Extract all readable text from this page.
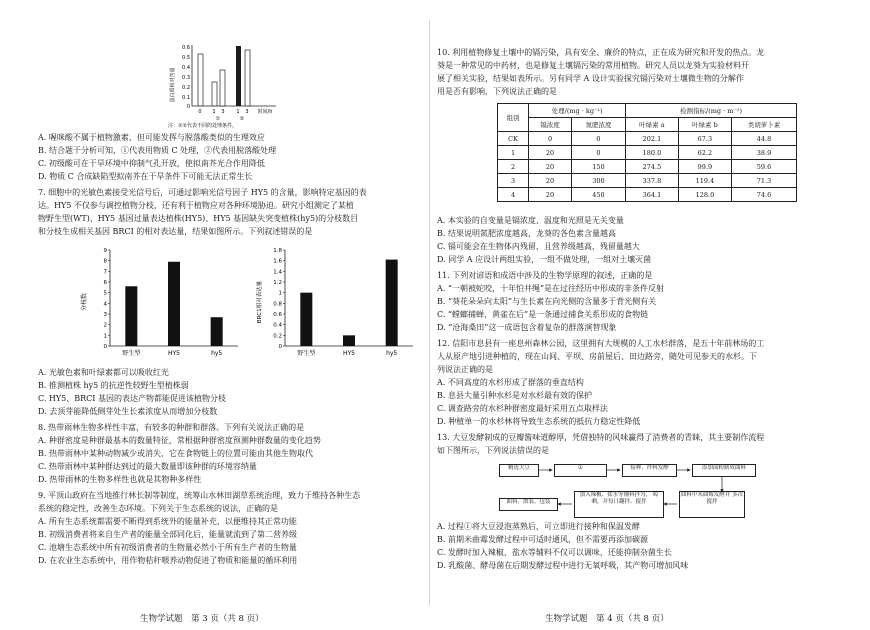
蛋白质相对含量
0.6
0.5
0.4
0.3
0.2
0.1
0
0 1 3 1 3 时间/h
①	②
注：①②代表不同的处理条件。
A. 喔咪酸不属于植物激素，但可能发挥与脱落酸类似的生理效应
B. 结合题干分析可知，①代表用物质 C 处理，②代表用脱落酸处理
C. 初级酸可在干旱环境中抑制气孔开放，使拟南芥光合作用降低
D. 物质 C 合成缺陷型拟南芥在干旱条件下可能无法正常生长
7. 细胞中的光敏色素接受光信号后，可通过影响光信号因子 HY5 的含量，影响特定基因的表
达。HY5 不仅参与调控植物分枝，还有利于植物应对各种环境胁迫。研究小组测定了某植
物野生型(WT)、HY5 基因过量表达植株(HY5)、HY5 基因缺失突变植株(hy5)的分枝数目
和分枝生成相关基因 BRCI 的相对表达量，结果如图所示。下列叙述错误的是
分枝数
9
8
7
6
5
4
3
2
1
0
野生型	HY5	hy5
BRC1相对表达量
1.8
1.6
1.4
1.2
1
0.8
0.6
0.4
0.2
0
野生型	HY5	hy5
A. 光敏色素和叶绿素都可以吸收红光
B. 推测植株 hy5 的抗逆性较野生型植株弱
C. HY5、BRCI 基因的表达产物都能促进该植物分枝
D. 去顶芽能降低侧芽处生长素浓度从而增加分枝数
8. 热带雨林生物多样性丰富，有较多的种群和群落。下列有关说法正确的是
A. 种群密度是种群最基本的数量特征，常根据种群密度预测种群数量的变化趋势
B. 热带雨林中某种动物减少或消失，它在食物链上的位置可能由其他生物取代
C. 热带雨林中某种群达到过的最大数量即该种群的环境容纳量
D. 热带雨林的生物多样性也就是其物种多样性
9. 平顶山政府在当地推行林长制等制度，统筹山水林田湖草系统治理，致力于维持各种生态
系统的稳定性，改善生态环境。下列关于生态系统的说法，正确的是
A. 所有生态系统都需要不断得到系统外的能量补充，以便维持其正常功能
B. 初级消费者将来自生产者的能量全部同化后，能量就流到了第二营养级
C. 池塘生态系统中所有初级消费者的生物量必然小于所有生产者的生物量
D. 在农业生态系统中，用作物秸秆喂养动物促进了物质和能量的循环利用
生物学试题　第 3 页（共 8 页）
10. 利用植物修复土壤中的镉污染，具有安全、廉价的特点，正在成为研究和开发的热点。龙
葵是一种常见的中药材，也是修复土壤镉污染的常用植物。研究人员以龙葵为实验材料开
展了相关实验，结果如表所示。另有同学 A 设计实验探究镉污染对土壤微生物的分解作
用是否有影响，下列说法正确的是
组别	处理/(mg · kg⁻¹)		检测指标/(mg · m⁻²)		
	镉浓度	氮肥浓度	叶绿素 a	叶绿素 b	类胡萝卜素
CK	0	0	202.1	67.3	44.8
1	20	0	180.0	62.2	38.9
2	20	150	274.5	99.9	59.6
3	20	300	337.8	119.4	71.3
4	20	450	364.1	128.0	74.6
A. 本实验的自变量是镉浓度、温度和光照是无关变量
B. 结果说明氮肥浓度越高，龙葵的各色素含量越高
C. 镉可能会在生物体内残留，且营养级越高，残留量越大
D. 同学 A 应设计两组实验，一组不做处理，一组对土壤灭菌
11. 下列对谚语和成语中涉及的生物学原理的叙述，正确的是
A. “一朝被蛇咬，十年怕井绳”是在过往经历中形成的非条件反射
B. “葵花朵朵向太阳”与生长素在向光侧的含量多于背光侧有关
C. “螳螂捕蝉，黄雀在后”是一条通过捕食关系形成的食物链
D. “沧海桑田”这一成语包含着复杂的群落演替现象
12. 信阳市息县有一座息州森林公园，这里拥有大规模的人工水杉群落，是五十年前林场的工
人从原产地引进种植的，现在山间、平坝、房前屋后、田边路旁，随处可见参天的水杉。下
列说法正确的是
A. 不同高度的水杉形成了群落的垂直结构
B. 息县大量引种水杉是对水杉最有效的保护
C. 调查路旁的水杉种群密度最好采用五点取样法
D. 种植单一的水杉林将导致生态系统的抵抗力稳定性降低
13. 大豆发酵制成的豆瓣酱味道醇厚，凭借独特的风味赢得了消费者的青睐，其主要制作流程
如下图所示，下列说法错误的是
精选大豆	①	接种、拌料发酵	添加面粉制成曲料
曲料、散装、包装
加入辣椒、盐水等辅料拌匀， 晾晒，并每日翻拌、搅拌
曲料中米曲霉发酵并 多次搅拌
A. 过程①将大豆浸泡蒸熟后，可立即进行接种和保温发酵
B. 前期米曲霉发酵过程中可适时通风，但不需要再添加碳源
C. 发酵时加入辣椒、盐水等辅料不仅可以调味，还能抑制杂菌生长
D. 乳酸菌、酵母菌在后期发酵过程中进行无氧呼吸，其产物可增加风味
生物学试题　第 4 页（共 8 页）
